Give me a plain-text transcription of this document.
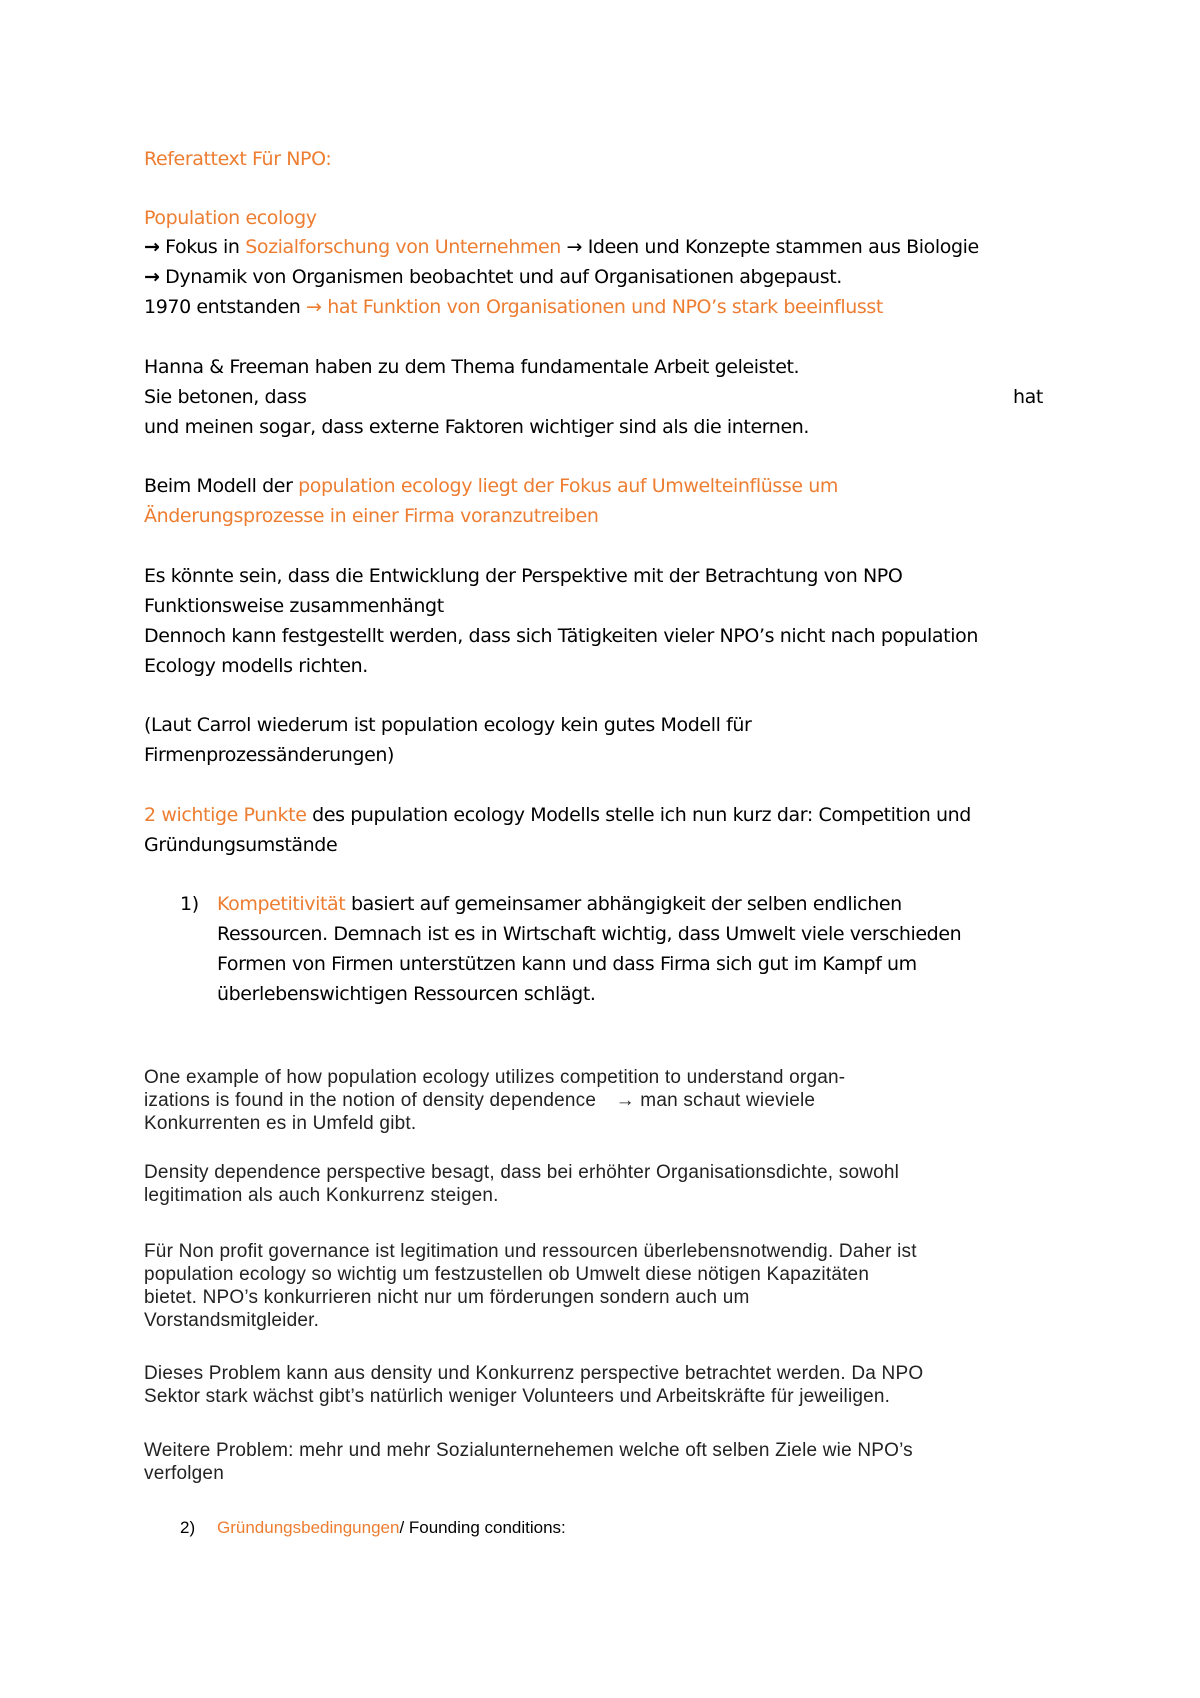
Referattext Für NPO:
Population ecology
→ Fokus in Sozialforschung von Unternehmen → Ideen und Konzepte stammen aus Biologie
→ Dynamik von Organismen beobachtet und auf Organisationen abgepaust.
1970 entstanden → hat Funktion von Organisationen und NPO’s stark beeinflusst
Hanna & Freeman haben zu dem Thema fundamentale Arbeit geleistet.
Sie betonen, dass	hat
und meinen sogar, dass externe Faktoren wichtiger sind als die internen.
Beim Modell der population ecology liegt der Fokus auf Umwelteinflüsse um
Änderungsprozesse in einer Firma voranzutreiben
Es könnte sein, dass die Entwicklung der Perspektive mit der Betrachtung von NPO
Funktionsweise zusammenhängt
Dennoch kann festgestellt werden, dass sich Tätigkeiten vieler NPO’s nicht nach population
Ecology modells richten.
(Laut Carrol wiederum ist population ecology kein gutes Modell für
Firmenprozessänderungen)
2 wichtige Punkte des pupulation ecology Modells stelle ich nun kurz dar: Competition und
Gründungsumstände
1) Kompetitivität basiert auf gemeinsamer abhängigkeit der selben endlichen
Ressourcen. Demnach ist es in Wirtschaft wichtig, dass Umwelt viele verschieden
Formen von Firmen unterstützen kann und dass Firma sich gut im Kampf um
überlebenswichtigen Ressourcen schlägt.
One example of how population ecology utilizes competition to understand organ-
izations is found in the notion of density dependence → man schaut wieviele
Konkurrenten es in Umfeld gibt.
Density dependence perspective besagt, dass bei erhöhter Organisationsdichte, sowohl
legitimation als auch Konkurrenz steigen.
Für Non profit governance ist legitimation und ressourcen überlebensnotwendig. Daher ist
population ecology so wichtig um festzustellen ob Umwelt diese nötigen Kapazitäten
bietet. NPO’s konkurrieren nicht nur um förderungen sondern auch um
Vorstandsmitgleider.
Dieses Problem kann aus density und Konkurrenz perspective betrachtet werden. Da NPO
Sektor stark wächst gibt’s natürlich weniger Volunteers und Arbeitskräfte für jeweiligen.
Weitere Problem: mehr und mehr Sozialunternehemen welche oft selben Ziele wie NPO’s
verfolgen
2) Gründungsbedingungen/ Founding conditions:
